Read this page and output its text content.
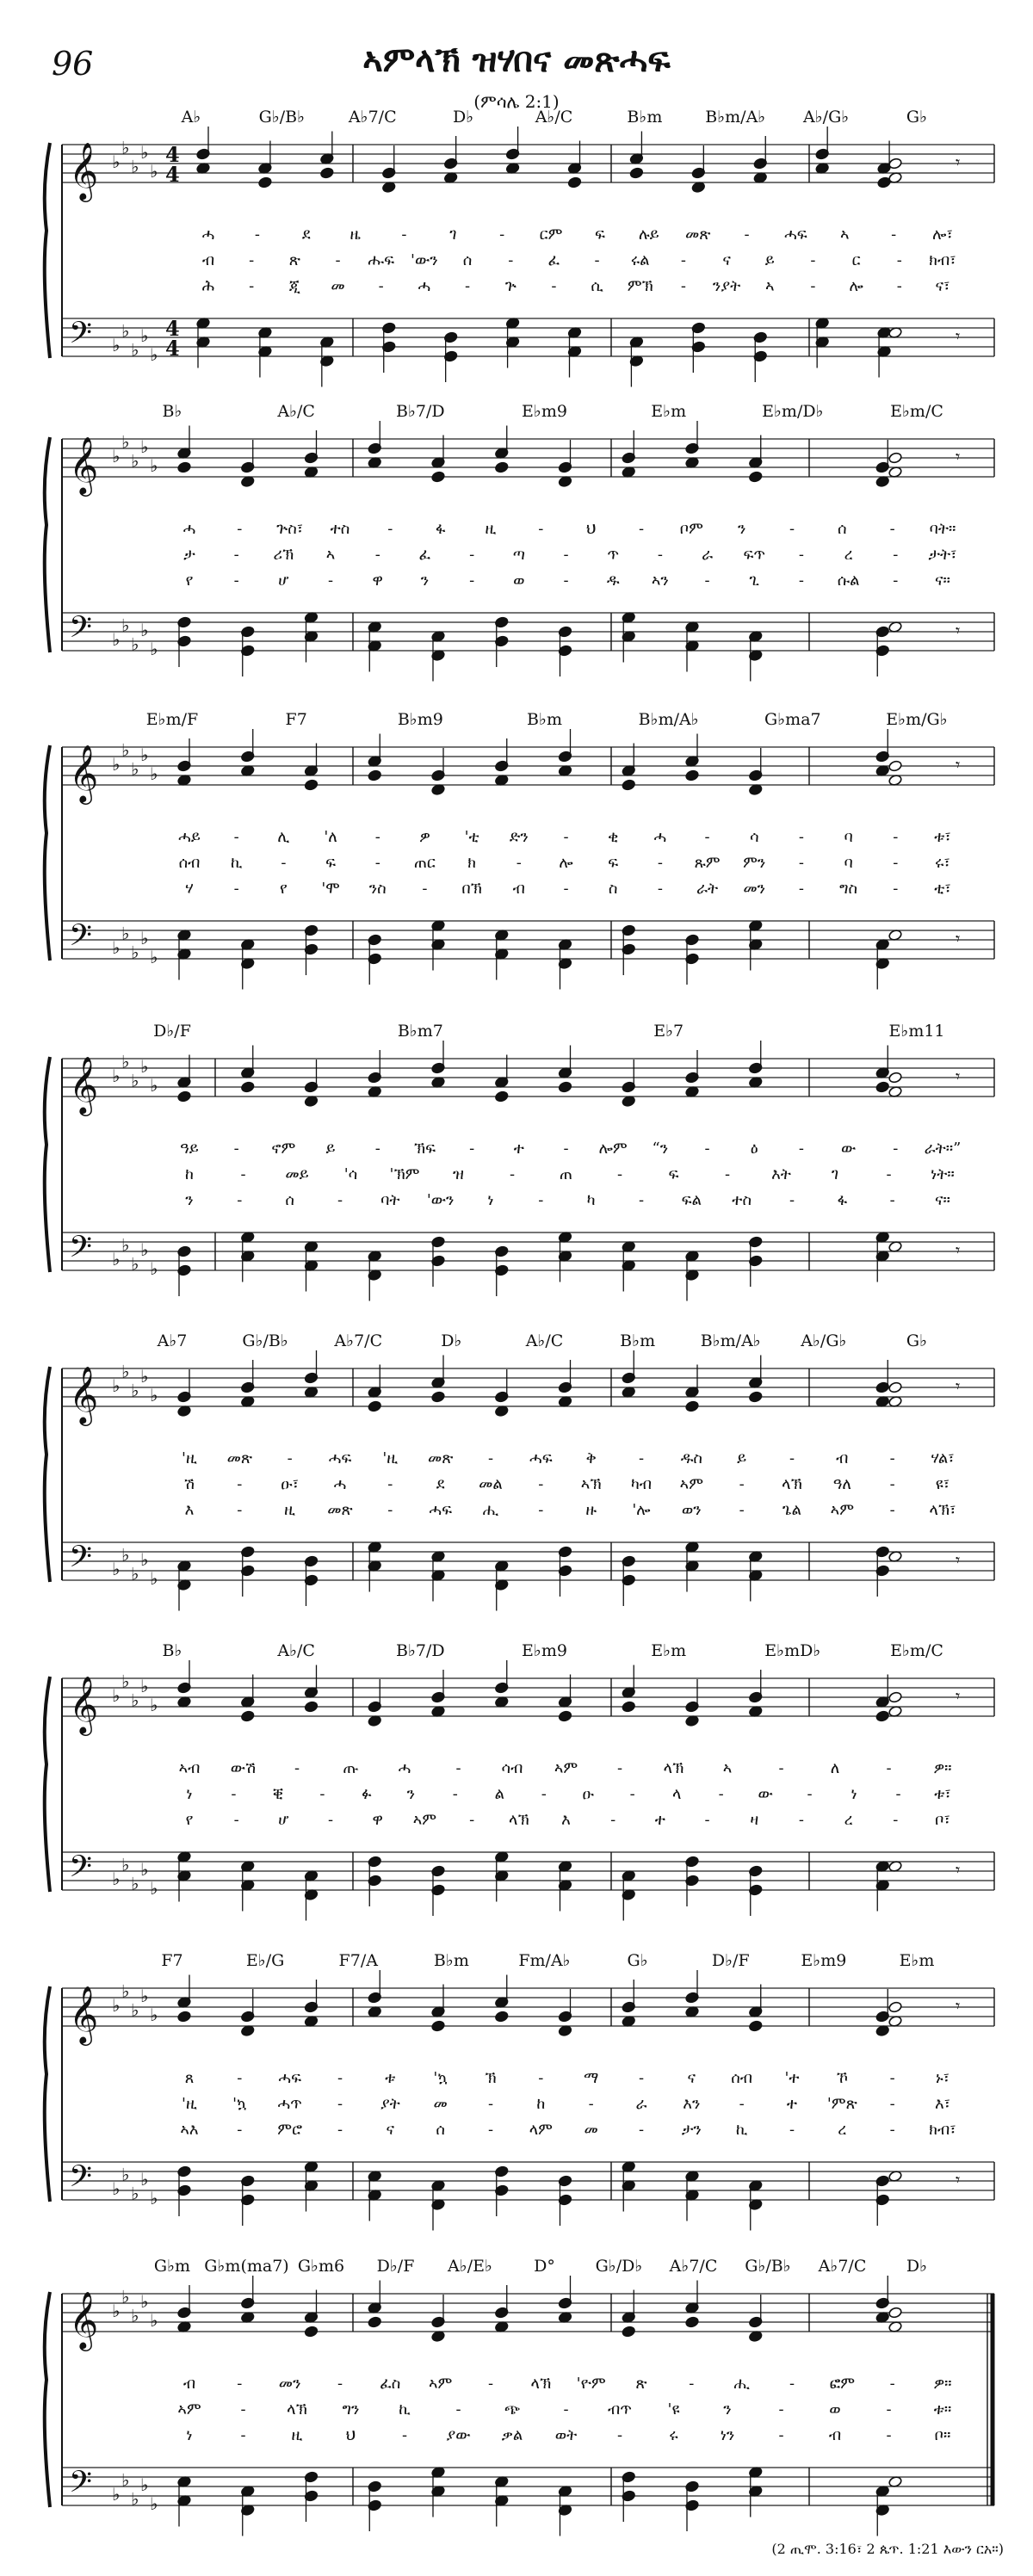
96	ኣምላኽ ዝሃበና መጽሓፍ
(ምሳሌ 2:1)
𝄞
𝄢
♭
♭
♭
♭
♭
♭
♭
♭
♭
♭
4
4
4
4
A♭	G♭/B♭	A♭7/C	D♭	A♭/C	B♭m	B♭m/A♭ A♭/G♭	G♭
𝄾
𝄾
ሓ	-	ደ	ዜ	-	ገ	- ርም ፍ ሉይ መጽ - ሓፍ ኣ	- ሎ፣
ብ - ጽ - ሑፍ 'ውን ሰ - ፈ - ሩል - ና ይ - ር - ክብ፣
ሕ - ጂ መ - ሓ - ጕ - ሲ ምኽ - ንያት ኣ - ሎ - ና፣
𝄞
𝄢
♭
♭
♭
♭
♭
♭
♭
♭
♭
♭
B♭	A♭/C	B♭7/D	E♭m9	E♭m	E♭m/D♭	E♭m/C
𝄾
𝄾
ሓ	- ጕስ፣ ተስ -	ፋ	ዚ	-	ህ	- ቦም ን	-	ሰ	- ባት።
ታ - ሪኽ ኣ	- ፈ - ጣ - ጥ -	ራ ፍጥ -	ረ	- ታት፣
የ	-	ሆ	-	ዋ ን	- ወ - ዱ ኣን -	ጊ	- ሱል - ና።
𝄞
𝄢
♭
♭
♭
♭
♭
♭
♭
♭
♭
♭
E♭m/F	F7	B♭m9	B♭m	B♭m/A♭	G♭ma7	E♭m/G♭
𝄾
𝄾
ሓይ - ሊ 'ለ -	ዎ 'ቲ ድን -	ቂ ሓ -	ሳ	-	ባ	- ቱ፣
ሰብ ኪ -	ፍ	- ጠር ክ	- ሎ ፍ	- ጹም ምን -	ባ	- ሩ፣
ሃ	-	የ 'ሞ ንስ - በኽ ብ -	ስ	- ራት መን - ግስ - ቲ፣
𝄞
𝄢
♭
♭
♭
♭
♭
♭
♭
♭
♭
♭
D♭/F	B♭m7	E♭7	E♭m11
𝄾
𝄾
ዓይ - ኖም ይ	- ኽፍ -	ተ	- ሎም “ን -	ዕ	- ው - ራት።”
ከ	-	መይ 'ሳ 'ኽም ዝ	-	ጠ	-	ፍ	-	እት	ገ	-	ነት።
ን	-	ሰ	- ባት 'ውን ነ	-	ካ	- ፍል ተስ -	ፋ	-	ና።
𝄞
𝄢
♭
♭
♭
♭
♭
♭
♭
♭
♭
♭
A♭7	G♭/B♭	A♭7/C	D♭	A♭/C	B♭m	B♭m/A♭ A♭/G♭	G♭
𝄾
𝄾
'ዚ መጽ - ሓፍ 'ዚ መጽ - ሓፍ ቅ	- ዱስ ይ	-	ብ	- ሃል፣
ሽ	- ዑ፣ ሓ	-	ደ መል - ኣኽ ካብ ኣም - ላኽ ዓለ -	ዩ፣
እ	-	ዚ መጽ - ሓፍ ሒ	-	ዙ 'ሎ ወን - ጌል ኣም - ላኽ፣
𝄞
𝄢
♭
♭
♭
♭
♭
♭
♭
♭
♭
♭
B♭	A♭/C	B♭7/D	E♭m9	E♭m	E♭mD♭	E♭m/C
𝄾
𝄾
ኣብ ውሽ -	ጡ	ሓ	-	ሳብ ኣም	-	ላኽ	ኣ	-	ለ	-	ዎ።
ነ - ቒ - ፉ ን - ል - ዑ - ላ - ው - ነ - ቱ፣
የ	-	ሆ	-	ዋ ኣም - ላኽ እ	-	ተ	-	ዛ	-	ረ	- ቦ፣
𝄞
𝄢
♭
♭
♭
♭
♭
♭
♭
♭
♭
♭
F7	E♭/G	F7/A	B♭m	Fm/A♭	G♭	D♭/F	E♭m9	E♭m
𝄾
𝄾
ጸ	- ሓፍ -	ቱ 'ኳ ኽ	-	ማ	-	ና ሰብ 'ተ ኾ	-	ኑ፣
'ዚ 'ኳ ሓጥ - ያት መ	-	ከ	-	ራ እን	-	ተ 'ምጽ -	እ፣
ኣእ - ምሮ -	ና	ሰ	- ላም መ	- ታን ኪ	-	ረ	- ክብ፣
𝄞
𝄢
♭
♭
♭
♭
♭
♭
♭
♭
♭
♭
G♭m G♭m(ma7) G♭m6 D♭/F A♭/E♭	D° G♭/D♭ A♭7/C G♭/B♭ A♭7/C D♭
ብ	- መን - ፈስ ኣም - ላኽ 'ዮም ጽ	-	ሒ	- ፎም - ዎ።
ኣም	-	ላኽ ግን	ኪ	-	ጭ	-	ብጥ 'ዩ	ን	-	ወ	-	ቱ።
ነ	-	ዚ	ህ	-	ያው ቃል ወት	-	ሩ	ነን	-	ብ	-	ቦ።
(2 ጢሞ. 3:16፣ 2 ጴጥ. 1:21 እውን ርአ።)
